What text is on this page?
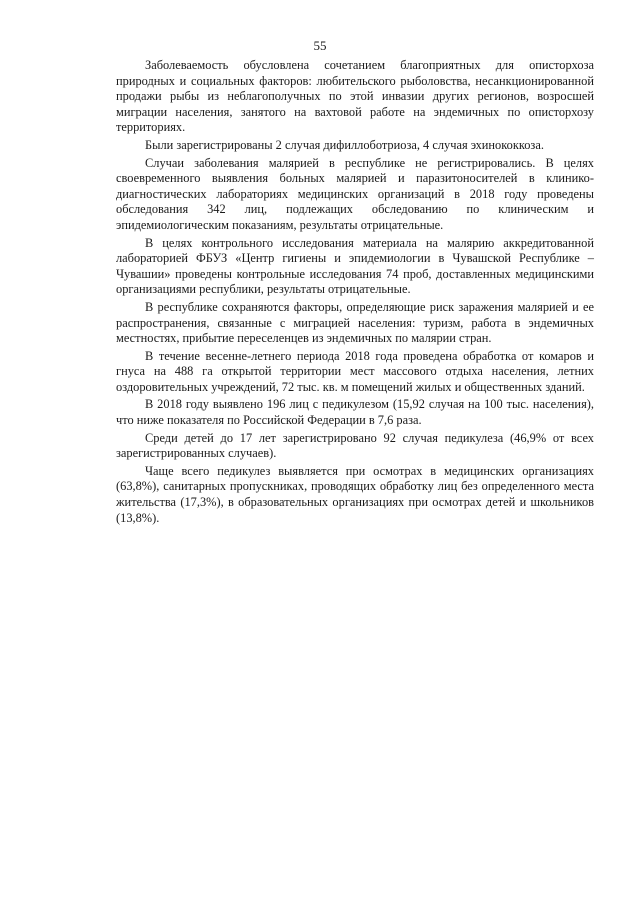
55

Заболеваемость обусловлена сочетанием благоприятных для описторхоза природных и социальных факторов: любительского рыболовства, несанкционированной продажи рыбы из неблагополучных по этой инвазии других регионов, возросшей миграции населения, занятого на вахтовой работе на эндемичных по описторхозу территориях.

Были зарегистрированы 2 случая дифиллоботриоза, 4 случая эхинококкоза.

Случаи заболевания малярией в республике не регистрировались. В целях своевременного выявления больных малярией и паразитоносителей в клинико-диагностических лабораториях медицинских организаций в 2018 году проведены обследования 342 лиц, подлежащих обследованию по клиническим и эпидемиологическим показаниям, результаты отрицательные.

В целях контрольного исследования материала на малярию аккредитованной лабораторией ФБУЗ «Центр гигиены и эпидемиологии в Чувашской Республике – Чувашии» проведены контрольные исследования 74 проб, доставленных медицинскими организациями республики, результаты отрицательные.

В республике сохраняются факторы, определяющие риск заражения малярией и ее распространения, связанные с миграцией населения: туризм, работа в эндемичных местностях, прибытие переселенцев из эндемичных по малярии стран.

В течение весенне-летнего периода 2018 года проведена обработка от комаров и гнуса на 488 га открытой территории мест массового отдыха населения, летних оздоровительных учреждений, 72 тыс. кв. м помещений жилых и общественных зданий.

В 2018 году выявлено 196 лиц с педикулезом (15,92 случая на 100 тыс. населения), что ниже показателя по Российской Федерации в 7,6 раза.

Среди детей до 17 лет зарегистрировано 92 случая педикулеза (46,9% от всех зарегистрированных случаев).

Чаще всего педикулез выявляется при осмотрах в медицинских организациях (63,8%), санитарных пропускниках, проводящих обработку лиц без определенного места жительства (17,3%), в образовательных организациях при осмотрах детей и школьников (13,8%).
